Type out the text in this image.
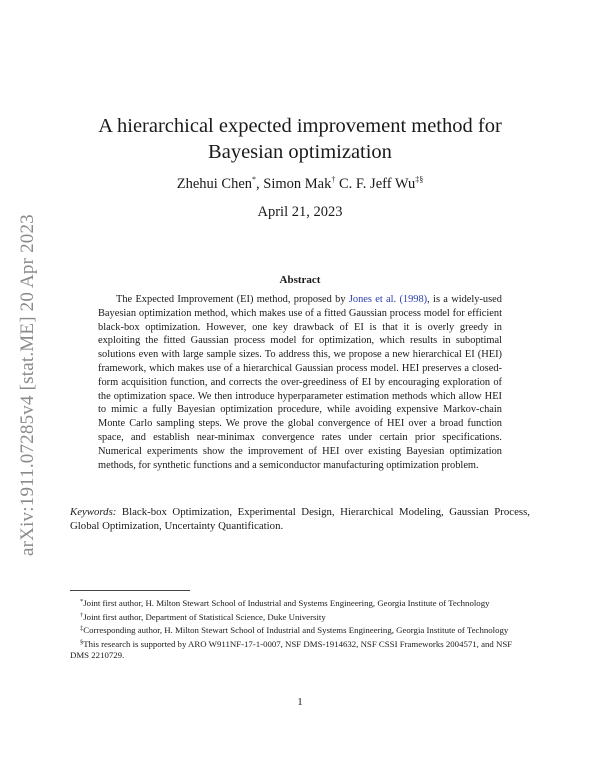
arXiv:1911.07285v4 [stat.ME] 20 Apr 2023
A hierarchical expected improvement method for
Bayesian optimization
Zhehui Chen*, Simon Mak† C. F. Jeff Wu‡§
April 21, 2023
Abstract
The Expected Improvement (EI) method, proposed by Jones et al. (1998), is a widely-used Bayesian optimization method, which makes use of a fitted Gaussian process model for efficient black-box optimization. However, one key drawback of EI is that it is overly greedy in exploiting the fitted Gaussian process model for optimization, which results in suboptimal solutions even with large sample sizes. To address this, we propose a new hierarchical EI (HEI) framework, which makes use of a hierarchical Gaussian process model. HEI preserves a closed-form acquisition function, and corrects the over-greediness of EI by encouraging exploration of the optimization space. We then introduce hyperparameter estimation methods which allow HEI to mimic a fully Bayesian optimization procedure, while avoiding expensive Markov-chain Monte Carlo sampling steps. We prove the global convergence of HEI over a broad function space, and establish near-minimax convergence rates under certain prior specifications. Numerical experiments show the improvement of HEI over existing Bayesian optimization methods, for synthetic functions and a semiconductor manufacturing optimization problem.
Keywords: Black-box Optimization, Experimental Design, Hierarchical Modeling, Gaussian Process, Global Optimization, Uncertainty Quantification.

*Joint first author, H. Milton Stewart School of Industrial and Systems Engineering, Georgia Institute of Technology

†Joint first author, Department of Statistical Science, Duke University

‡Corresponding author, H. Milton Stewart School of Industrial and Systems Engineering, Georgia Institute of Technology

§This research is supported by ARO W911NF-17-1-0007, NSF DMS-1914632, NSF CSSI Frameworks 2004571, and NSF DMS 2210729.

1
